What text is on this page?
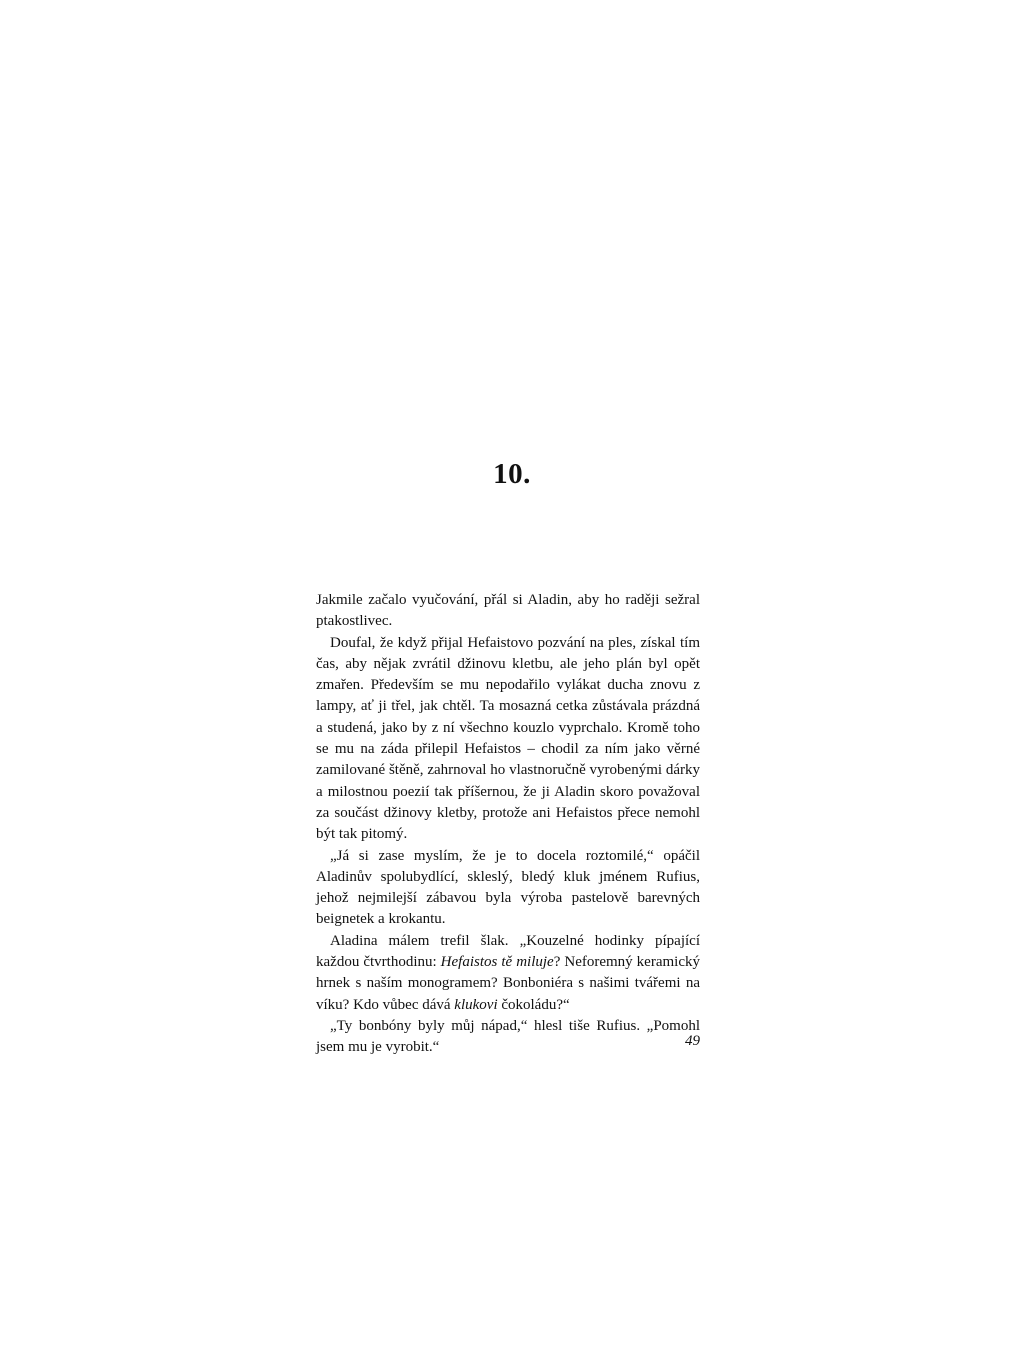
10.

Jakmile začalo vyučování, přál si Aladin, aby ho raději sežral ptakostlivec.

Doufal, že když přijal Hefaistovo pozvání na ples, získal tím čas, aby nějak zvrátil džinovu kletbu, ale jeho plán byl opět zmařen. Především se mu nepodařilo vylákat ducha znovu z lampy, ať ji třel, jak chtěl. Ta mosazná cetka zůstávala prázdná a studená, jako by z ní všechno kouzlo vyprchalo. Kromě toho se mu na záda přilepil Hefaistos – chodil za ním jako věrné zamilované štěně, zahrnoval ho vlastnoručně vyrobenými dárky a milostnou poezií tak příšernou, že ji Aladin skoro považoval za součást džinovy kletby, protože ani Hefaistos přece nemohl být tak pitomý.

„Já si zase myslím, že je to docela roztomilé,“ opáčil Aladinův spolubydlící, skleslý, bledý kluk jménem Rufius, jehož nejmilejší zábavou byla výroba pastelově barevných beignetek a krokantu.

Aladina málem trefil šlak. „Kouzelné hodinky pípající každou čtvrthodinu: Hefaistos tě miluje? Neforemný keramický hrnek s naším monogramem? Bonboniéra s našimi tvářemi na víku? Kdo vůbec dává klukovi čokoládu?“

„Ty bonbóny byly můj nápad,“ hlesl tiše Rufius. „Pomohl jsem mu je vyrobit.“	49
